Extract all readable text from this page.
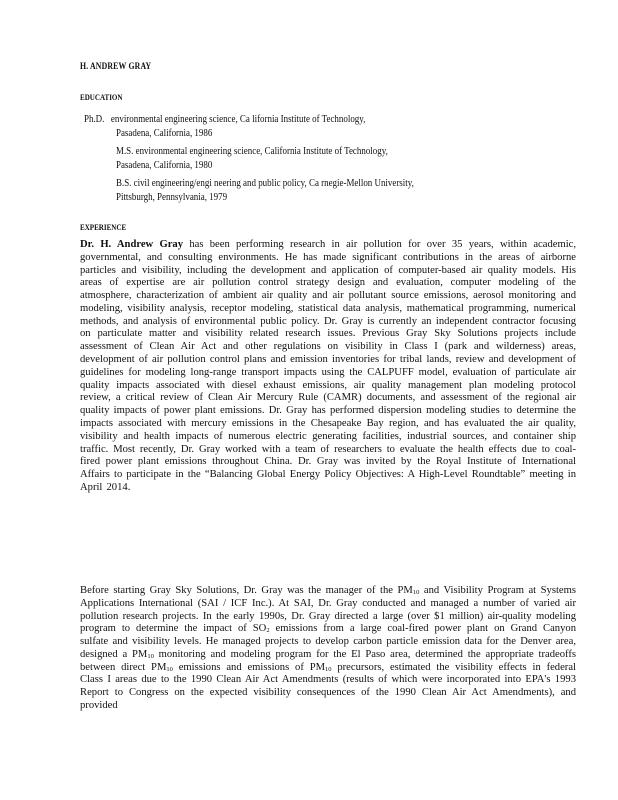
H. ANDREW GRAY
EDUCATION
Ph.D. environmental engineering science, Ca lifornia Institute of Technology,
Pasadena, California, 1986
M.S. environmental engineering science, California Institute of Technology,
Pasadena, California, 1980
B.S. civil engineering/engi neering and public policy, Ca rnegie-Mellon University,
Pittsburgh, Pennsylvania, 1979
EXPERIENCE
Dr. H. Andrew Gray has been performing research in air pollution for over 35 years, within academic, governmental, and consulting environments. He has made significant contributions in the areas of airborne particles and visibility, including the development and application of computer-based air quality models. His areas of expertise are air pollution control strategy design and evaluation, computer modeling of the atmosphere, characterization of ambient air quality and air pollutant source emissions, aerosol monitoring and modeling, visibility analysis, receptor modeling, statistical data analysis, mathematical programming, numerical methods, and analysis of environmental public policy. Dr. Gray is currently an independent contractor focusing on particulate matter and visibility related research issues. Previous Gray Sky Solutions projects include assessment of Clean Air Act and other regulations on visibility in Class I (park and wilderness) areas, development of air pollution control plans and emission inventories for tribal lands, review and development of guidelines for modeling long-range transport impacts using the CALPUFF model, evaluation of particulate air quality impacts associated with diesel exhaust emissions, air quality management plan modeling protocol review, a critical review of Clean Air Mercury Rule (CAMR) documents, and assessment of the regional air quality impacts of power plant emissions. Dr. Gray has performed dispersion modeling studies to determine the impacts associated with mercury emissions in the Chesapeake Bay region, and has evaluated the air quality, visibility and health impacts of numerous electric generating facilities, industrial sources, and container ship traffic. Most recently, Dr. Gray worked with a team of researchers to evaluate the health effects due to coal-fired power plant emissions throughout China. Dr. Gray was invited by the Royal Institute of International Affairs to participate in the “Balancing Global Energy Policy Objectives: A High-Level Roundtable” meeting in April 2014.
Before starting Gray Sky Solutions, Dr. Gray was the manager of the $PM_{10}$ and Visibility Program at Systems Applications International (SAI / ICF Inc.). At SAI, Dr. Gray conducted and managed a number of varied air pollution research projects. In the early 1990s, Dr. Gray directed a large (over $1 million) air-quality modeling program to determine the impact of $SO_2$ emissions from a large coal-fired power plant on Grand Canyon sulfate and visibility levels. He managed projects to develop carbon particle emission data for the Denver area, designed a $PM_{10}$ monitoring and modeling program for the El Paso area, determined the appropriate tradeoffs between direct $PM_{10}$ emissions and emissions of $PM_{10}$ precursors, estimated the visibility effects in federal Class I areas due to the 1990 Clean Air Act Amendments (results of which were incorporated into EPA's 1993 Report to Congress on the expected visibility consequences of the 1990 Clean Air Act Amendments), and provided
